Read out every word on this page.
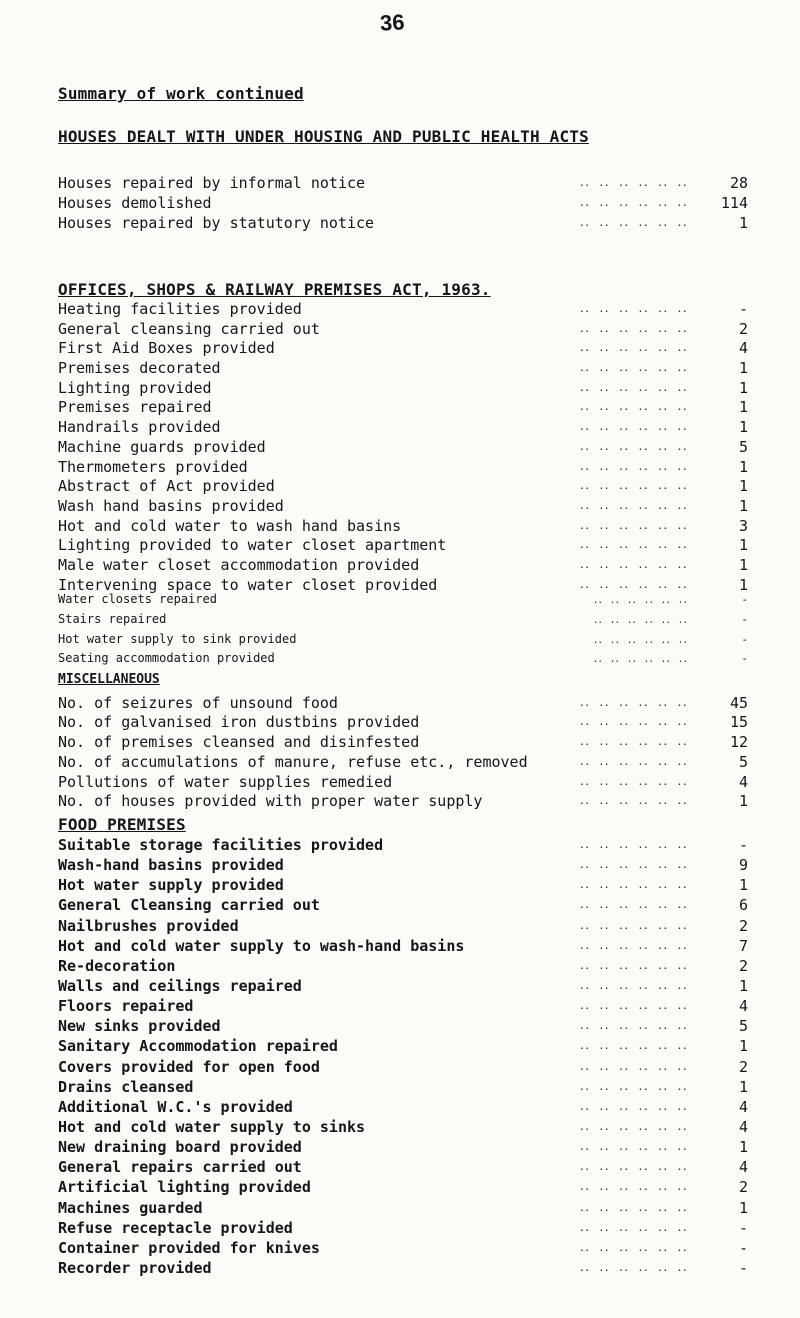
36
Summary of work continued
HOUSES DEALT WITH UNDER HOUSING AND PUBLIC HEALTH ACTS
․․ ․․ ․․ ․․ ․․ ․․
Houses repaired by informal notice	28
․․ ․․ ․․ ․․ ․․ ․․
Houses demolished	114
․․ ․․ ․․ ․․ ․․ ․․
Houses repaired by statutory notice	1
OFFICES, SHOPS & RAILWAY PREMISES ACT, 1963.
․․ ․․ ․․ ․․ ․․ ․․
Heating facilities provided	-
․․ ․․ ․․ ․․ ․․ ․․
General cleansing carried out	2
․․ ․․ ․․ ․․ ․․ ․․
First Aid Boxes provided	4
․․ ․․ ․․ ․․ ․․ ․․
Premises decorated	1
․․ ․․ ․․ ․․ ․․ ․․
Lighting provided	1
․․ ․․ ․․ ․․ ․․ ․․
Premises repaired	1
․․ ․․ ․․ ․․ ․․ ․․
Handrails provided	1
․․ ․․ ․․ ․․ ․․ ․․
Machine guards provided	5
․․ ․․ ․․ ․․ ․․ ․․
Thermometers provided	1
․․ ․․ ․․ ․․ ․․ ․․
Abstract of Act provided	1
․․ ․․ ․․ ․․ ․․ ․․
Wash hand basins provided	1
․․ ․․ ․․ ․․ ․․ ․․
Hot and cold water to wash hand basins	3
․․ ․․ ․․ ․․ ․․ ․․
Lighting provided to water closet apartment	1
․․ ․․ ․․ ․․ ․․ ․․
Male water closet accommodation provided	1
․․ ․․ ․․ ․․ ․․ ․․
Intervening space to water closet provided	1
․․ ․․ ․․ ․․ ․․ ․․
Water closets repaired	-
․․ ․․ ․․ ․․ ․․ ․․
Stairs repaired	-
․․ ․․ ․․ ․․ ․․ ․․
Hot water supply to sink provided	-
․․ ․․ ․․ ․․ ․․ ․․
Seating accommodation provided	-
MISCELLANEOUS
․․ ․․ ․․ ․․ ․․ ․․
No. of seizures of unsound food	45
․․ ․․ ․․ ․․ ․․ ․․
No. of galvanised iron dustbins provided	15
․․ ․․ ․․ ․․ ․․ ․․
No. of premises cleansed and disinfested	12
․․ ․․ ․․ ․․ ․․ ․․
No. of accumulations of manure, refuse etc., removed	5
․․ ․․ ․․ ․․ ․․ ․․
Pollutions of water supplies remedied	4
․․ ․․ ․․ ․․ ․․ ․․
No. of houses provided with proper water supply	1
FOOD PREMISES
․․ ․․ ․․ ․․ ․․ ․․
Suitable storage facilities provided	-
․․ ․․ ․․ ․․ ․․ ․․
Wash-hand basins provided	9
․․ ․․ ․․ ․․ ․․ ․․
Hot water supply provided	1
․․ ․․ ․․ ․․ ․․ ․․
General Cleansing carried out	6
․․ ․․ ․․ ․․ ․․ ․․
Nailbrushes provided	2
․․ ․․ ․․ ․․ ․․ ․․
Hot and cold water supply to wash-hand basins	7
․․ ․․ ․․ ․․ ․․ ․․
Re-decoration	2
․․ ․․ ․․ ․․ ․․ ․․
Walls and ceilings repaired	1
․․ ․․ ․․ ․․ ․․ ․․
Floors repaired	4
․․ ․․ ․․ ․․ ․․ ․․
New sinks provided	5
․․ ․․ ․․ ․․ ․․ ․․
Sanitary Accommodation repaired	1
․․ ․․ ․․ ․․ ․․ ․․
Covers provided for open food	2
․․ ․․ ․․ ․․ ․․ ․․
Drains cleansed	1
․․ ․․ ․․ ․․ ․․ ․․
Additional W.C.'s provided	4
․․ ․․ ․․ ․․ ․․ ․․
Hot and cold water supply to sinks	4
․․ ․․ ․․ ․․ ․․ ․․
New draining board provided	1
․․ ․․ ․․ ․․ ․․ ․․
General repairs carried out	4
․․ ․․ ․․ ․․ ․․ ․․
Artificial lighting provided	2
․․ ․․ ․․ ․․ ․․ ․․
Machines guarded	1
․․ ․․ ․․ ․․ ․․ ․․
Refuse receptacle provided	-
․․ ․․ ․․ ․․ ․․ ․․
Container provided for knives	-
․․ ․․ ․․ ․․ ․․ ․․
Recorder provided	-
